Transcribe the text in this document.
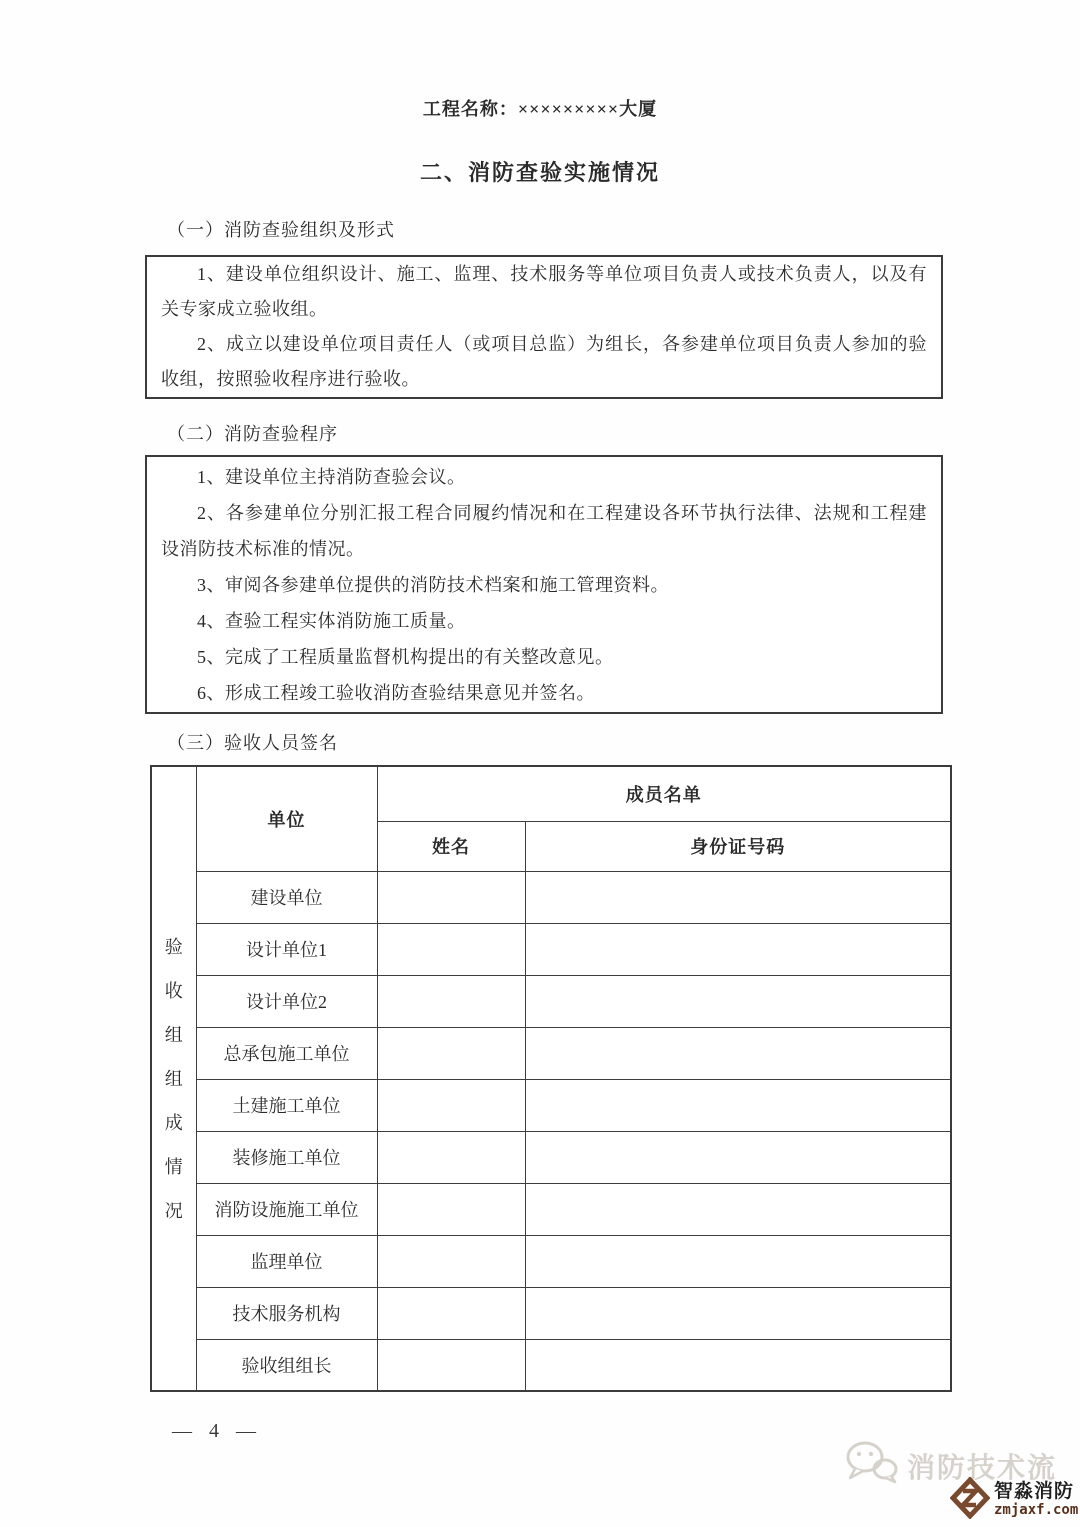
工程名称：×××××××××大厦
二、消防查验实施情况
（一）消防查验组织及形式

1、建设单位组织设计、施工、监理、技术服务等单位项目负责人或技术负责人，以及有关专家成立验收组。

2、成立以建设单位项目责任人（或项目总监）为组长，各参建单位项目负责人参加的验收组，按照验收程序进行验收。

（二）消防查验程序

1、建设单位主持消防查验会议。

2、各参建单位分别汇报工程合同履约情况和在工程建设各环节执行法律、法规和工程建设消防技术标准的情况。

3、审阅各参建单位提供的消防技术档案和施工管理资料。

4、查验工程实体消防施工质量。

5、完成了工程质量监督机构提出的有关整改意见。

6、形成工程竣工验收消防查验结果意见并签名。

（三）验收人员签名
验收组组成情况	单位	成员名单	
		姓名	身份证号码
	建设单位		
	设计单位1		
	设计单位2		
	总承包施工单位		
	土建施工单位		
	装修施工单位		
	消防设施施工单位		
	监理单位		
	技术服务机构		
	验收组组长		
— 4 —
消防技术流
智淼消防
zmjaxf.com
